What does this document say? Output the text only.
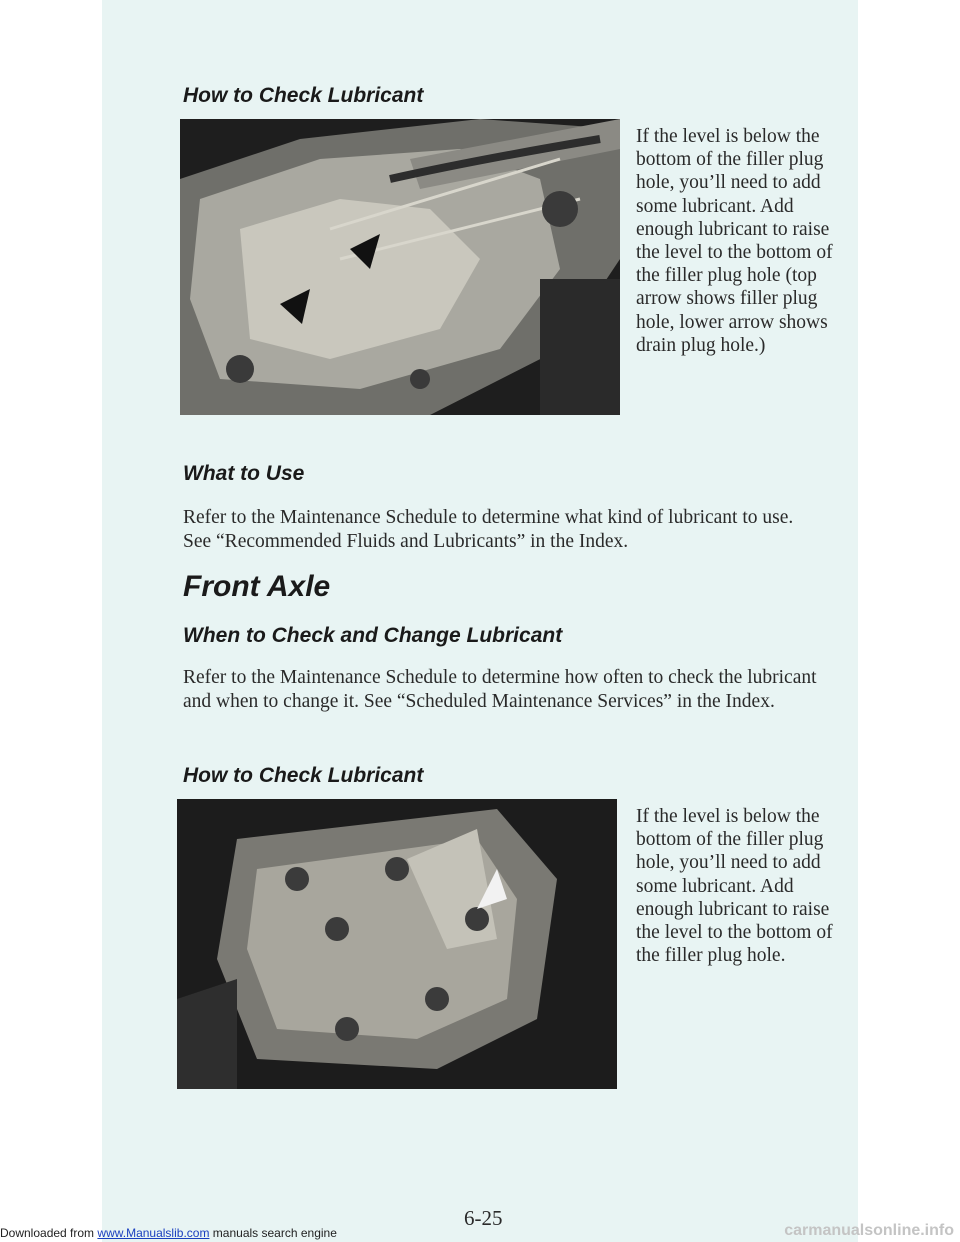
How to Check Lubricant

If the level is below the bottom of the filler plug hole, you’ll need to add some lubricant. Add enough lubricant to raise the level to the bottom of the filler plug hole (top arrow shows filler plug hole, lower arrow shows drain plug hole.)

What to Use

Refer to the Maintenance Schedule to determine what kind of lubricant to use. See “Recommended Fluids and Lubricants” in the Index.

Front Axle
When to Check and Change Lubricant

Refer to the Maintenance Schedule to determine how often to check the lubricant and when to change it. See “Scheduled Maintenance Services” in the Index.

How to Check Lubricant

If the level is below the bottom of the filler plug hole, you’ll need to add some lubricant. Add enough lubricant to raise the level to the bottom of the filler plug hole.

6-25
Downloaded from www.Manualslib.com manuals search engine	carmanualsonline.info
